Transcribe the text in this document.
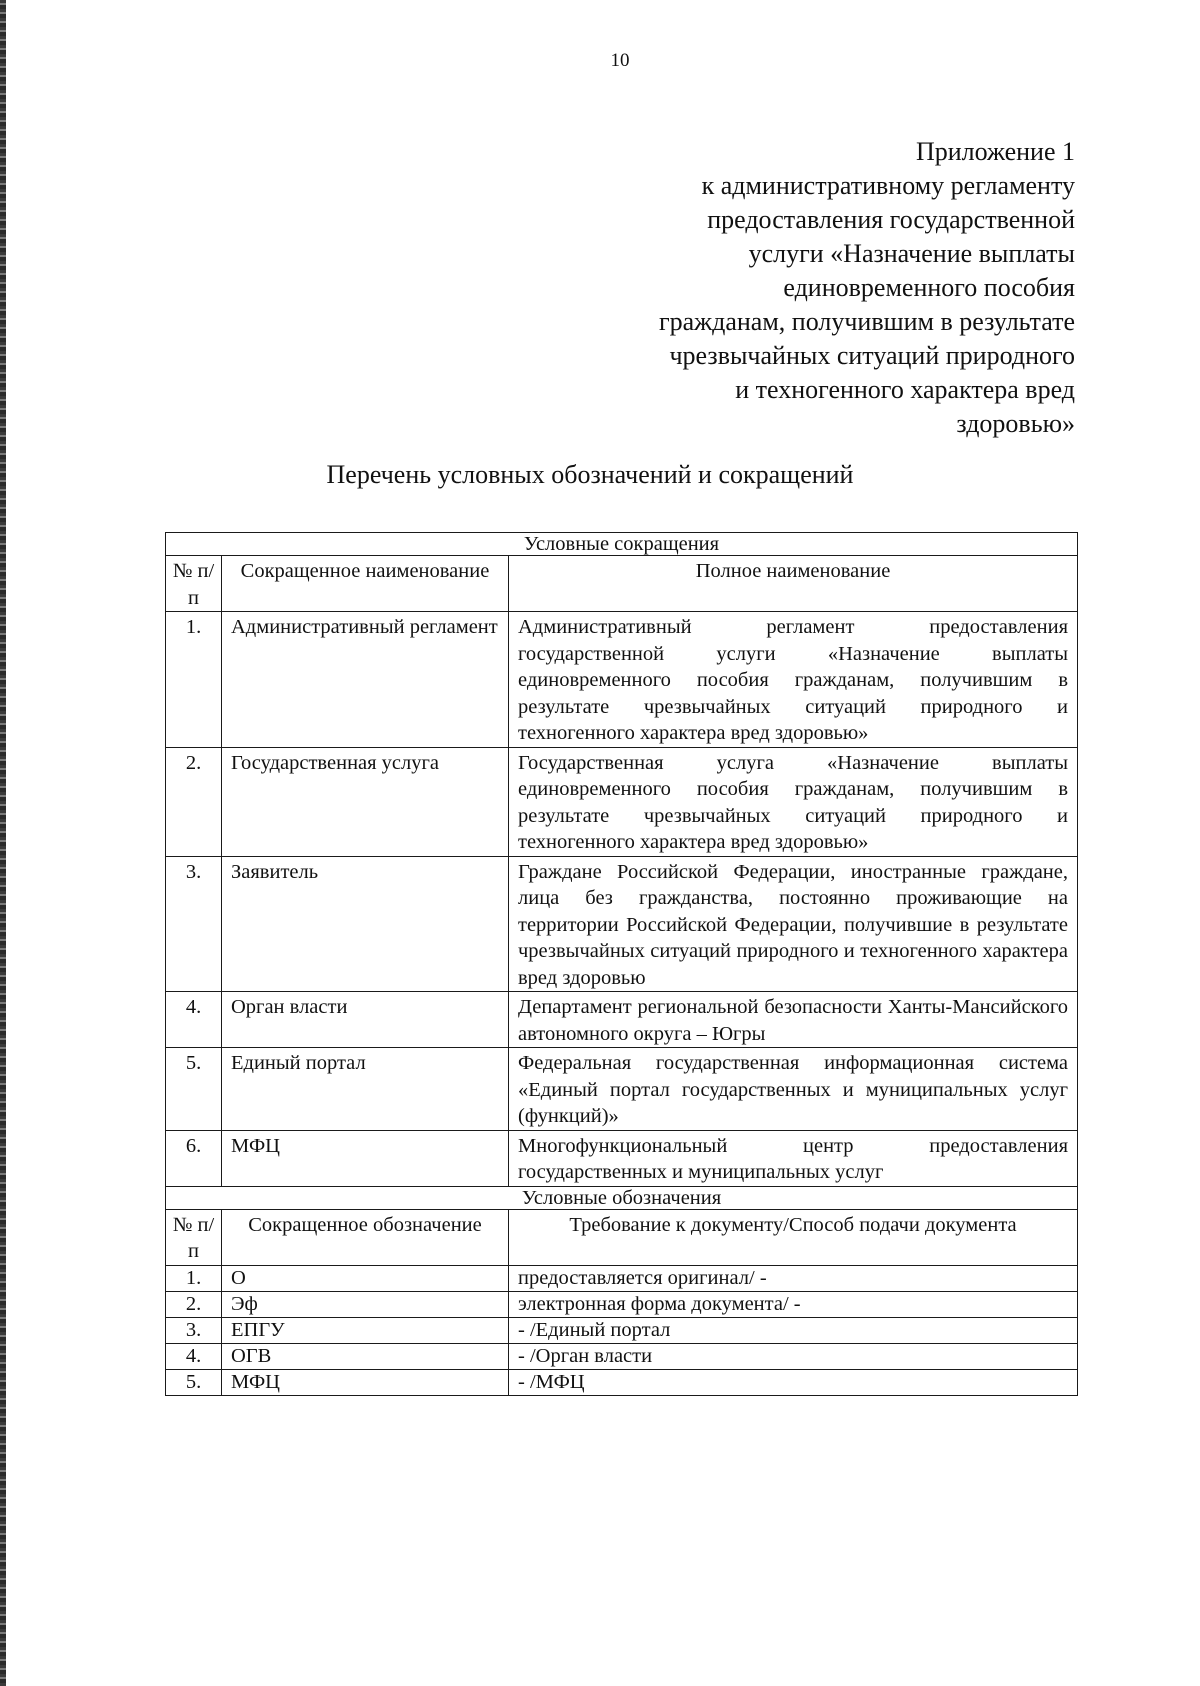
10
Приложение 1
к административному регламенту
предоставления государственной
услуги «Назначение выплаты
единовременного пособия
гражданам, получившим в результате
чрезвычайных ситуаций природного
и техногенного характера вред
здоровью»
Перечень условных обозначений и сокращений
Условные сокращения		
№ п/п	Сокращенное наименование	Полное наименование
1.	Административный регламент	Административный регламент предоставления государственной услуги «Назначение выплаты единовременного пособия гражданам, получившим в результате чрезвычайных ситуаций природного и техногенного характера вред здоровью»
2.	Государственная услуга	Государственная услуга «Назначение выплаты единовременного пособия гражданам, получившим в результате чрезвычайных ситуаций природного и техногенного характера вред здоровью»
3.	Заявитель	Граждане Российской Федерации, иностранные граждане, лица без гражданства, постоянно проживающие на территории Российской Федерации, получившие в результате чрезвычайных ситуаций природного и техногенного характера вред здоровью
4.	Орган власти	Департамент региональной безопасности Ханты-Мансийского автономного округа – Югры
5.	Единый портал	Федеральная государственная информационная система «Единый портал государственных и муниципальных услуг (функций)»
6.	МФЦ	Многофункциональный центр предоставления государственных и муниципальных услуг
Условные обозначения		
№ п/п	Сокращенное обозначение	Требование к документу/Способ подачи документа
1.	О	предоставляется оригинал/ -
2.	Эф	электронная форма документа/ -
3.	ЕПГУ	- /Единый портал
4.	ОГВ	- /Орган власти
5.	МФЦ	- /МФЦ
